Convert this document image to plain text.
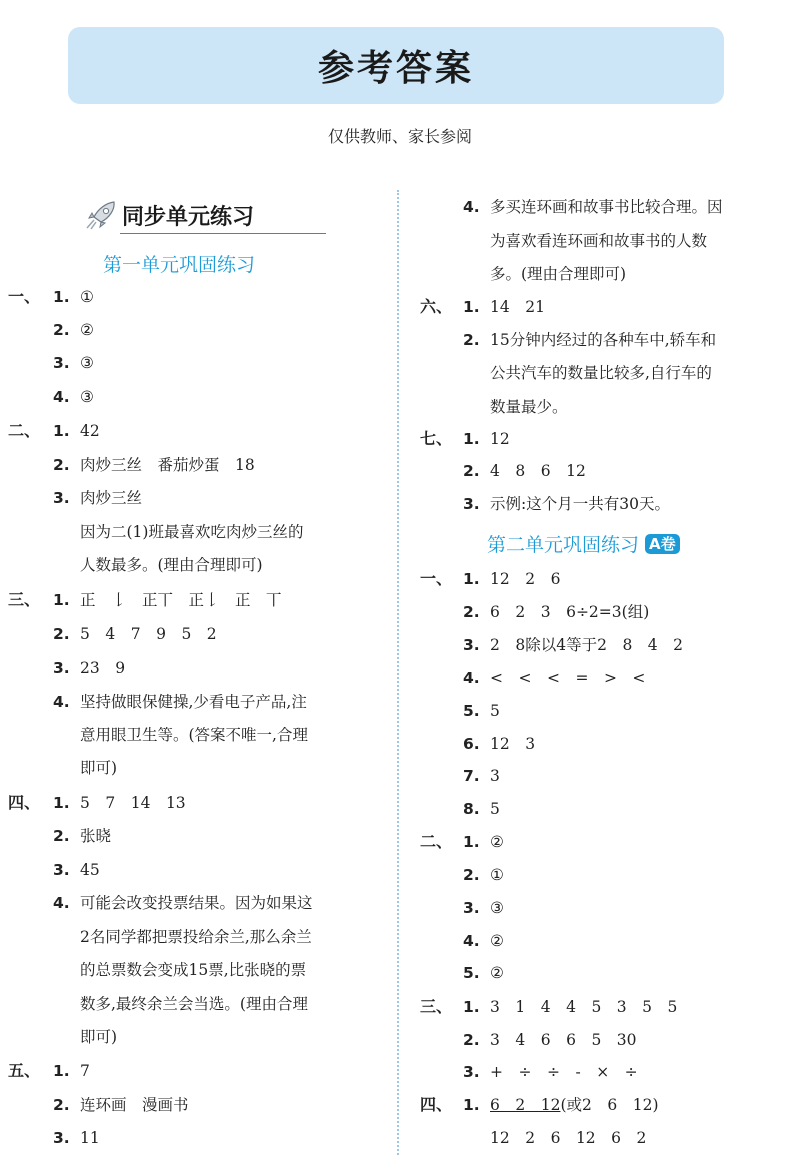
参考答案
仅供教师、家长参阅
同步单元练习
第一单元巩固练习
一、 1. ①
2. ②
3. ③
4. ③
二、 1. 42
2. 肉炒三丝　番茄炒蛋　18
3. 肉炒三丝
因为二(1)班最喜欢吃肉炒三丝的
人数最多。(理由合理即可)
三、 1. 正　𠄌　正丅　正𠄌　正　丅
2. 5　4　7　9　5　2
3. 23　9
4. 坚持做眼保健操,少看电子产品,注
意用眼卫生等。(答案不唯一,合理
即可)
四、 1. 5　7　14　13
2. 张晓
3. 45
4. 可能会改变投票结果。因为如果这
2名同学都把票投给余兰,那么余兰
的总票数会变成15票,比张晓的票
数多,最终余兰会当选。(理由合理
即可)
五、 1. 7
2. 连环画　漫画书
3. 11
4. 多买连环画和故事书比较合理。因
为喜欢看连环画和故事书的人数
多。(理由合理即可)
六、 1. 14　21
2. 15分钟内经过的各种车中,轿车和
公共汽车的数量比较多,自行车的
数量最少。
七、 1. 12
2. 4　8　6　12
3. 示例:这个月一共有30天。
第二单元巩固练习 A卷
一、 1. 12　2　6
2. 6　2　3　6÷2=3(组)
3. 2　8除以4等于2　8　4　2
4. <　<　<　=　>　<
5. 5
6. 12　3
7. 3
8. 5
二、 1. ②
2. ①
3. ③
4. ②
5. ②
三、 1. 3　1　4　4　5　3　5　5
2. 3　4　6　6　5　30
3. +　÷　÷　-　×　÷
四、 1. 6　2　12(或2　6　12)
12　2　6　12　6　2
